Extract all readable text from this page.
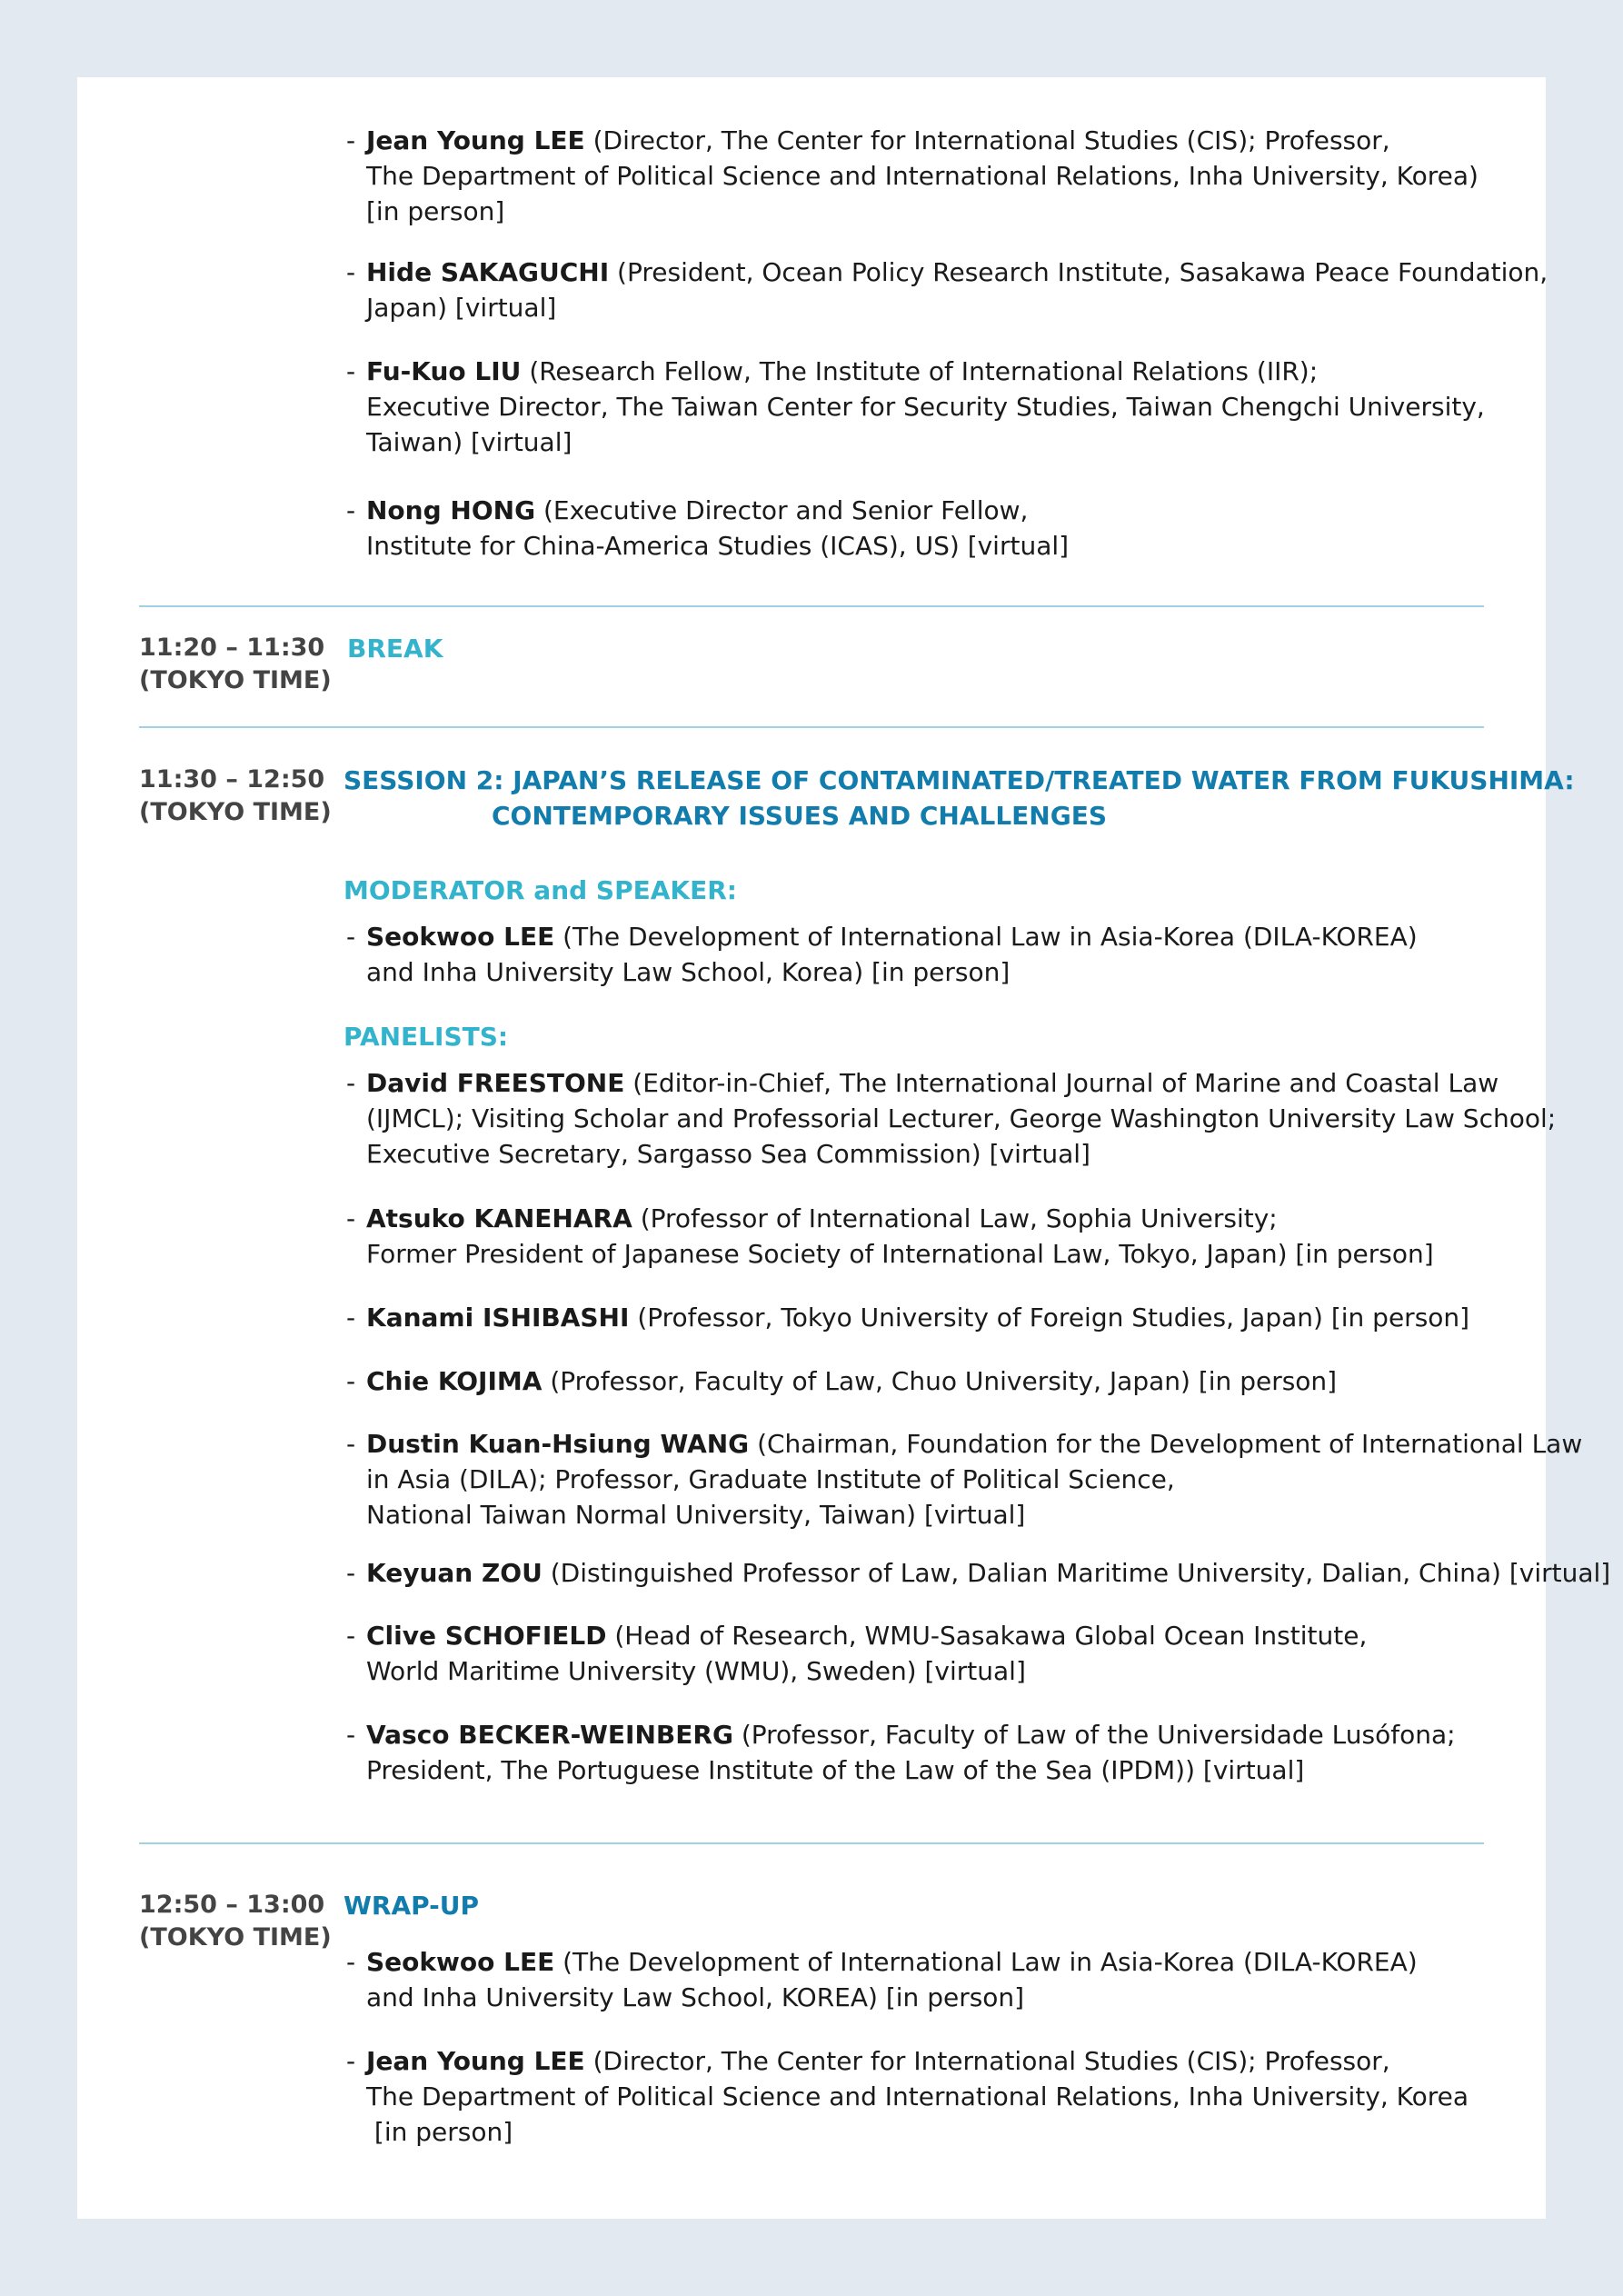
- Jean Young LEE (Director, The Center for International Studies (CIS); Professor,
The Department of Political Science and International Relations, Inha University, Korea)
[in person]
- Hide SAKAGUCHI (President, Ocean Policy Research Institute, Sasakawa Peace Foundation,
Japan) [virtual]
- Fu-Kuo LIU (Research Fellow, The Institute of International Relations (IIR);
Executive Director, The Taiwan Center for Security Studies, Taiwan Chengchi University,
Taiwan) [virtual]
- Nong HONG (Executive Director and Senior Fellow,
Institute for China-America Studies (ICAS), US) [virtual]
11:20 – 11:30
(TOKYO TIME)
BREAK
11:30 – 12:50
(TOKYO TIME)
SESSION 2: JAPAN’S RELEASE OF CONTAMINATED/TREATED WATER FROM FUKUSHIMA:
CONTEMPORARY ISSUES AND CHALLENGES
MODERATOR and SPEAKER:
- Seokwoo LEE (The Development of International Law in Asia-Korea (DILA-KOREA)
and Inha University Law School, Korea) [in person]
PANELISTS:
- David FREESTONE (Editor-in-Chief, The International Journal of Marine and Coastal Law
(IJMCL); Visiting Scholar and Professorial Lecturer, George Washington University Law School;
Executive Secretary, Sargasso Sea Commission) [virtual]
- Atsuko KANEHARA (Professor of International Law, Sophia University;
Former President of Japanese Society of International Law, Tokyo, Japan) [in person]
- Kanami ISHIBASHI (Professor, Tokyo University of Foreign Studies, Japan) [in person]
- Chie KOJIMA (Professor, Faculty of Law, Chuo University, Japan) [in person]
- Dustin Kuan-Hsiung WANG (Chairman, Foundation for the Development of International Law
in Asia (DILA); Professor, Graduate Institute of Political Science,
National Taiwan Normal University, Taiwan) [virtual]
- Keyuan ZOU (Distinguished Professor of Law, Dalian Maritime University, Dalian, China) [virtual]
- Clive SCHOFIELD (Head of Research, WMU-Sasakawa Global Ocean Institute,
World Maritime University (WMU), Sweden) [virtual]
- Vasco BECKER-WEINBERG (Professor, Faculty of Law of the Universidade Lusófona;
President, The Portuguese Institute of the Law of the Sea (IPDM)) [virtual]
12:50 – 13:00
(TOKYO TIME)
WRAP-UP
- Seokwoo LEE (The Development of International Law in Asia-Korea (DILA-KOREA)
and Inha University Law School, KOREA) [in person]
- Jean Young LEE (Director, The Center for International Studies (CIS); Professor,
The Department of Political Science and International Relations, Inha University, Korea
[in person]
